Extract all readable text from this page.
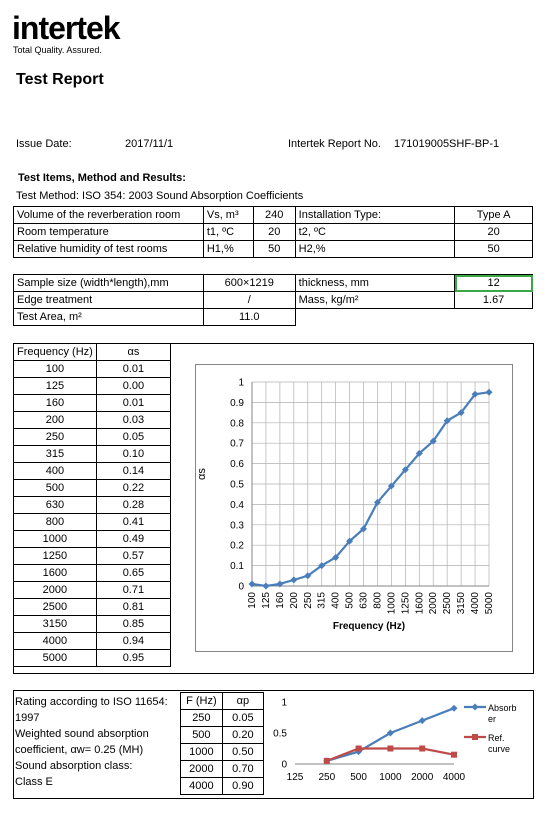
intertek
Total Quality. Assured.
Test Report
Issue Date:	2017/11/1	Intertek Report No. 171019005SHF-BP-1
Test Items, Method and Results:
Test Method: ISO 354: 2003 Sound Absorption Coefficients
Volume of the reverberation room	Vs, m³	240	Installation Type:	Type A
Room temperature	t1, ºC	20	t2, ºC	20
Relative humidity of test rooms	H1,%	50	H2,%	50
Sample size (width*length),mm	600×1219	thickness, mm	12
Edge treatment	/	Mass, kg/m²	1.67
Test Area, m²	11.0		
Frequency (Hz)	αs
100	0.01
125	0.00
160	0.01
200	0.03
250	0.05
315	0.10
400	0.14
500	0.22
630	0.28
800	0.41
1000	0.49
1250	0.57
1600	0.65
2000	0.71
2500	0.81
3150	0.85
4000	0.94
5000	0.95
0
0.1
0.2
0.3
0.4
0.5
0.6
0.7
0.8
0.9
1
100 125 160 200 250 315 400 500 630 800 1000 1250 1600 2000 2500 3150 4000 5000
αs
Frequency (Hz)
Rating according to ISO 11654:
1997
Weighted sound absorption
coefficient, αw= 0.25 (MH)
Sound absorption class:
Class E
F (Hz)	αp
250	0.05
500	0.20
1000	0.50
2000	0.70
4000	0.90
0
0.5
1
125 250 500 1000 2000 4000
Absorb er
Ref. curve
